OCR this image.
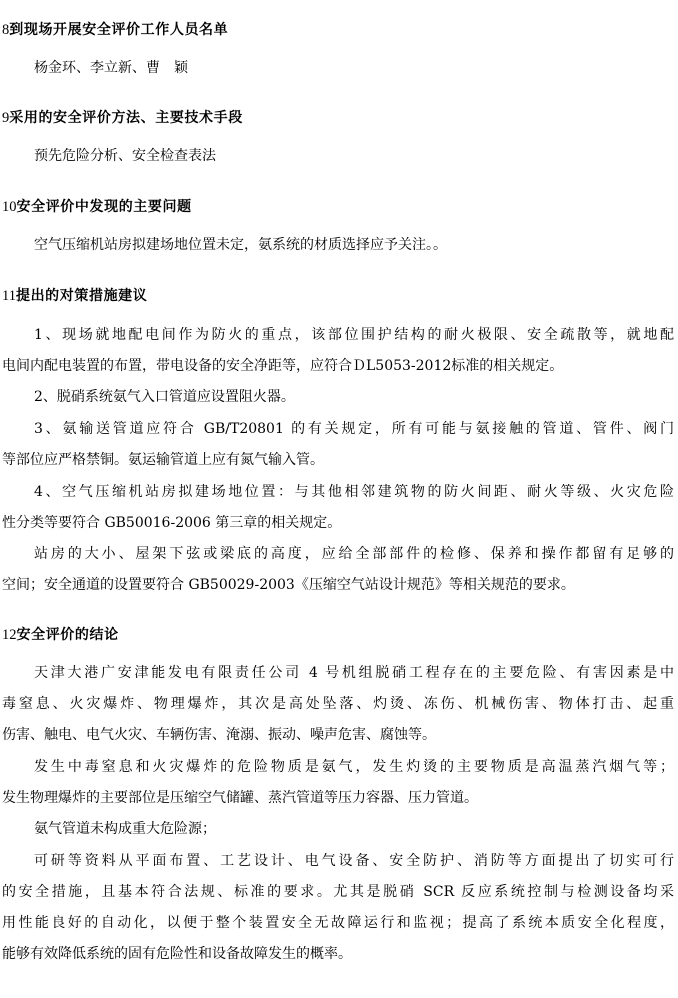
8到现场开展安全评价工作人员名单
杨金环、李立新、曹　颖
9采用的安全评价方法、主要技术手段
预先危险分析、安全检查表法
10安全评价中发现的主要问题
空气压缩机站房拟建场地位置未定，氨系统的材质选择应予关注。。
11提出的对策措施建议
1、现场就地配电间作为防火的重点，该部位围护结构的耐火极限、安全疏散等，就地配
电间内配电装置的布置，带电设备的安全净距等，应符合ＤL5053-2012标准的相关规定。
2、脱硝系统氨气入口管道应设置阻火器。
3、氨输送管道应符合 GB/T20801 的有关规定，所有可能与氨接触的管道、管件、阀门
等部位应严格禁铜。氨运输管道上应有氮气输入管。
4、空气压缩机站房拟建场地位置：与其他相邻建筑物的防火间距、耐火等级、火灾危险
性分类等要符合 GB50016-2006 第三章的相关规定。
站房的大小、屋架下弦或梁底的高度，应给全部部件的检修、保养和操作都留有足够的
空间；安全通道的设置要符合 GB50029-2003《压缩空气站设计规范》等相关规范的要求。
12安全评价的结论
天津大港广安津能发电有限责任公司 4 号机组脱硝工程存在的主要危险、有害因素是中
毒窒息、火灾爆炸、物理爆炸，其次是高处坠落、灼烫、冻伤、机械伤害、物体打击、起重
伤害、触电、电气火灾、车辆伤害、淹溺、振动、噪声危害、腐蚀等。
发生中毒窒息和火灾爆炸的危险物质是氨气，发生灼烫的主要物质是高温蒸汽烟气等；
发生物理爆炸的主要部位是压缩空气储罐、蒸汽管道等压力容器、压力管道。
氨气管道未构成重大危险源；
可研等资料从平面布置、工艺设计、电气设备、安全防护、消防等方面提出了切实可行
的安全措施，且基本符合法规、标准的要求。尤其是脱硝 SCR 反应系统控制与检测设备均采
用性能良好的自动化，以便于整个装置安全无故障运行和监视；提高了系统本质安全化程度，
能够有效降低系统的固有危险性和设备故障发生的概率。
